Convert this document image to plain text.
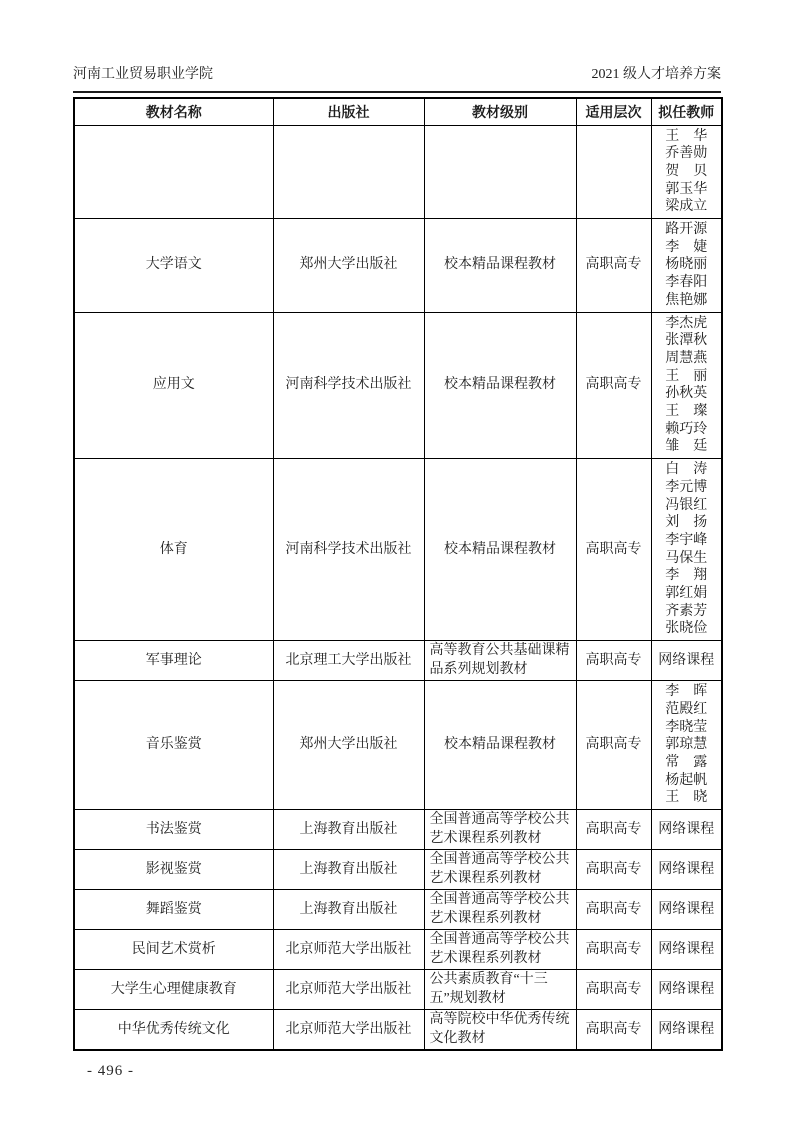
河南工业贸易职业学院	2021 级人才培养方案
教材名称	出版社	教材级别	适用层次	拟任教师

				王　华
乔善勋
贺　贝
郭玉华
梁成立

大学语文	郑州大学出版社	校本精品课程教材	高职高专	路开源
李　婕
杨晓丽
李春阳
焦艳娜

应用文	河南科学技术出版社	校本精品课程教材	高职高专	
李杰虎
张潭秋
周慧燕
王　丽
孙秋英
王　璨
赖巧玲
雏　廷

体育	河南科学技术出版社	校本精品课程教材	高职高专	
白　涛
李元博
冯银红
刘　扬
李宇峰
马保生
李　翔
郭红娟
齐素芳
张晓俭

军事理论	北京理工大学出版社	高等教育公共基础课精品系列规划教材	高职高专	网络课程

音乐鉴赏	郑州大学出版社	校本精品课程教材	高职高专	
李　晖
范殿红
李晓莹
郭琼慧
常　露
杨起帆
王　晓

书法鉴赏	上海教育出版社	全国普通高等学校公共艺术课程系列教材	高职高专	网络课程

影视鉴赏	上海教育出版社	全国普通高等学校公共艺术课程系列教材	高职高专	网络课程

舞蹈鉴赏	上海教育出版社	全国普通高等学校公共艺术课程系列教材	高职高专	网络课程

民间艺术赏析	北京师范大学出版社	全国普通高等学校公共艺术课程系列教材	高职高专	网络课程

大学生心理健康教育	北京师范大学出版社	公共素质教育“十三五”规划教材	高职高专	网络课程

中华优秀传统文化	北京师范大学出版社	高等院校中华优秀传统文化教材	高职高专	网络课程
- 496 -
